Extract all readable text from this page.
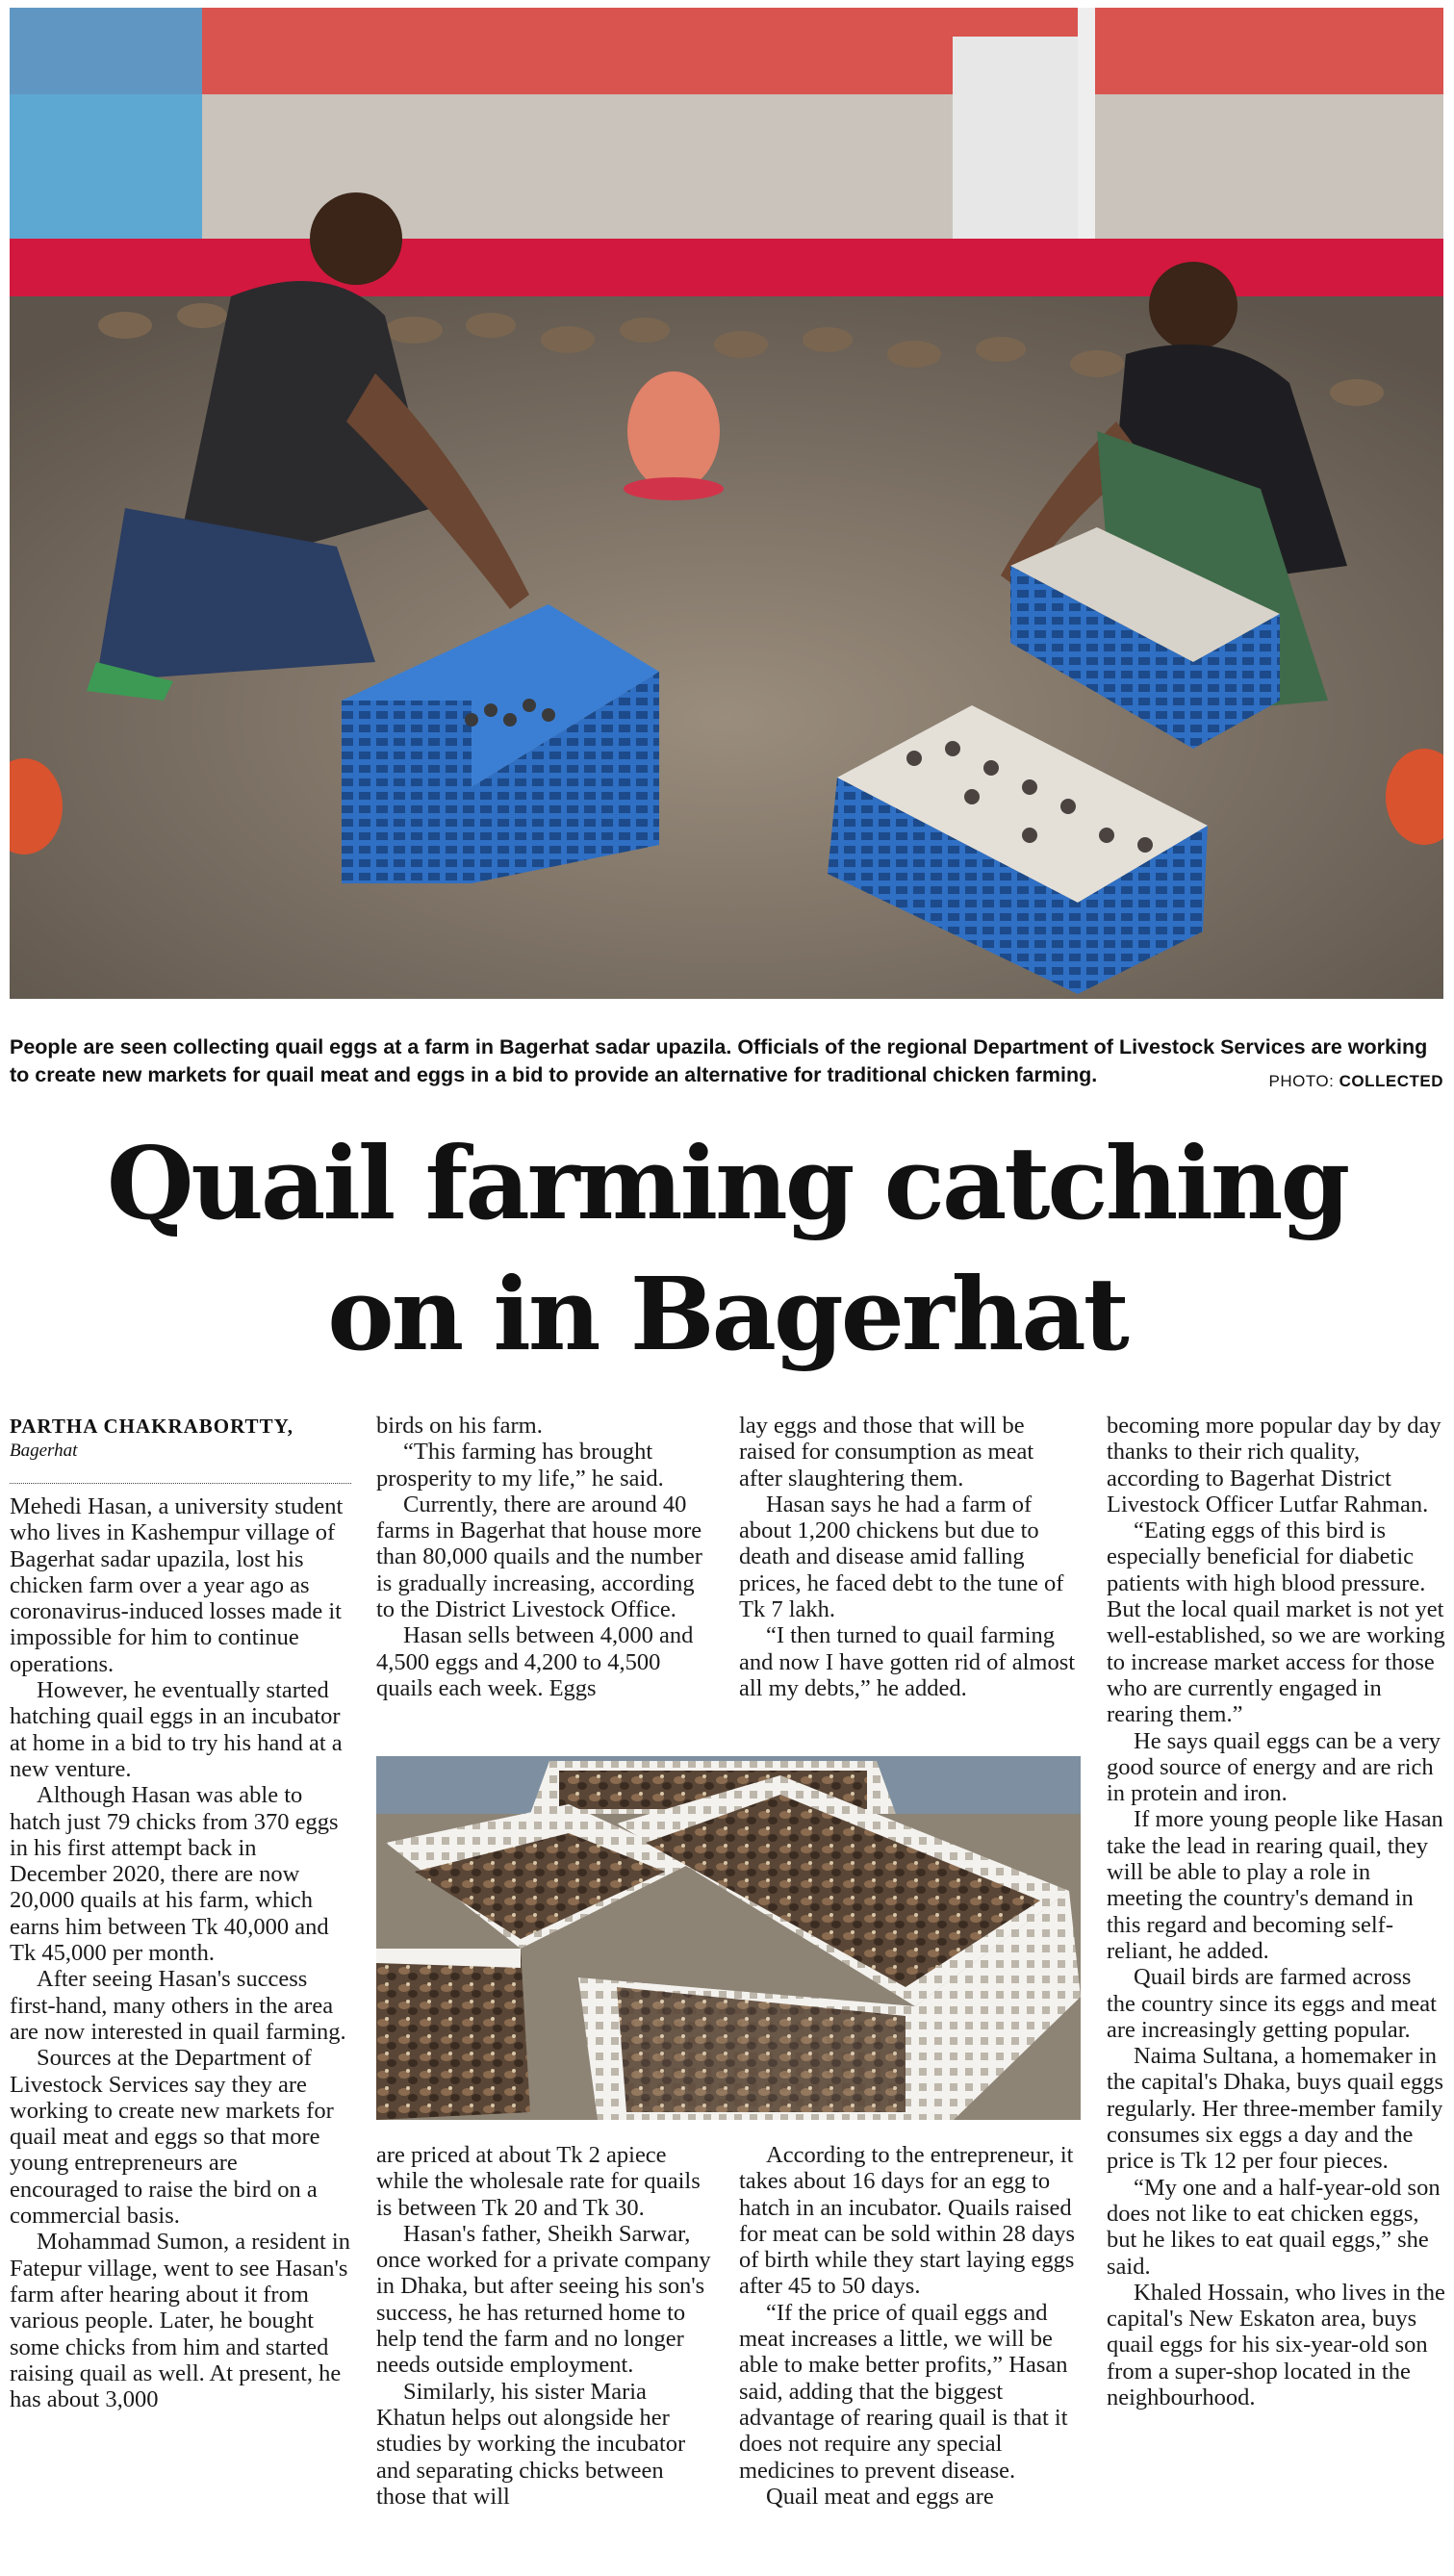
People are seen collecting quail eggs at a farm in Bagerhat sadar upazila. Officials of the regional Department of Livestock Services are working to create new markets for quail meat and eggs in a bid to provide an alternative for traditional chicken farming.	PHOTO: COLLECTED
Quail farming catching
on in Bagerhat
PARTHA CHAKRABORTTY,
Bagerhat

Mehedi Hasan, a university student who lives in Kashempur village of Bagerhat sadar upazila, lost his chicken farm over a year ago as coronavirus-induced losses made it impossible for him to continue operations.

However, he eventually started hatching quail eggs in an incubator at home in a bid to try his hand at a new venture.

Although Hasan was able to hatch just 79 chicks from 370 eggs in his first attempt back in December 2020, there are now 20,000 quails at his farm, which earns him between Tk 40,000 and Tk 45,000 per month.

After seeing Hasan's success first-hand, many others in the area are now interested in quail farming.

Sources at the Department of Livestock Services say they are working to create new markets for quail meat and eggs so that more young entrepreneurs are encouraged to raise the bird on a commercial basis.

Mohammad Sumon, a resident in Fatepur village, went to see Hasan's farm after hearing about it from various people. Later, he bought some chicks from him and started raising quail as well. At present, he has about 3,000

birds on his farm.

“This farming has brought prosperity to my life,” he said.

Currently, there are around 40 farms in Bagerhat that house more than 80,000 quails and the number is gradually increasing, according to the District Livestock Office.

Hasan sells between 4,000 and 4,500 eggs and 4,200 to 4,500 quails each week. Eggs

lay eggs and those that will be raised for consumption as meat after slaughtering them.

Hasan says he had a farm of about 1,200 chickens but due to death and disease amid falling prices, he faced debt to the tune of Tk 7 lakh.

“I then turned to quail farming and now I have gotten rid of almost all my debts,” he added.

are priced at about Tk 2 apiece while the wholesale rate for quails is between Tk 20 and Tk 30.

Hasan's father, Sheikh Sarwar, once worked for a private company in Dhaka, but after seeing his son's success, he has returned home to help tend the farm and no longer needs outside employment.

Similarly, his sister Maria Khatun helps out alongside her studies by working the incubator and separating chicks between those that will

According to the entrepreneur, it takes about 16 days for an egg to hatch in an incubator. Quails raised for meat can be sold within 28 days of birth while they start laying eggs after 45 to 50 days.

“If the price of quail eggs and meat increases a little, we will be able to make better profits,” Hasan said, adding that the biggest advantage of rearing quail is that it does not require any special medicines to prevent disease.

Quail meat and eggs are

becoming more popular day by day thanks to their rich quality, according to Bagerhat District Livestock Officer Lutfar Rahman.

“Eating eggs of this bird is especially beneficial for diabetic patients with high blood pressure. But the local quail market is not yet well-established, so we are working to increase market access for those who are currently engaged in rearing them.”

He says quail eggs can be a very good source of energy and are rich in protein and iron.

If more young people like Hasan take the lead in rearing quail, they will be able to play a role in meeting the country's demand in this regard and becoming self-reliant, he added.

Quail birds are farmed across the country since its eggs and meat are increasingly getting popular.

Naima Sultana, a homemaker in the capital's Dhaka, buys quail eggs regularly. Her three-member family consumes six eggs a day and the price is Tk 12 per four pieces.

“My one and a half-year-old son does not like to eat chicken eggs, but he likes to eat quail eggs,” she said.

Khaled Hossain, who lives in the capital's New Eskaton area, buys quail eggs for his six-year-old son from a super-shop located in the neighbourhood.
